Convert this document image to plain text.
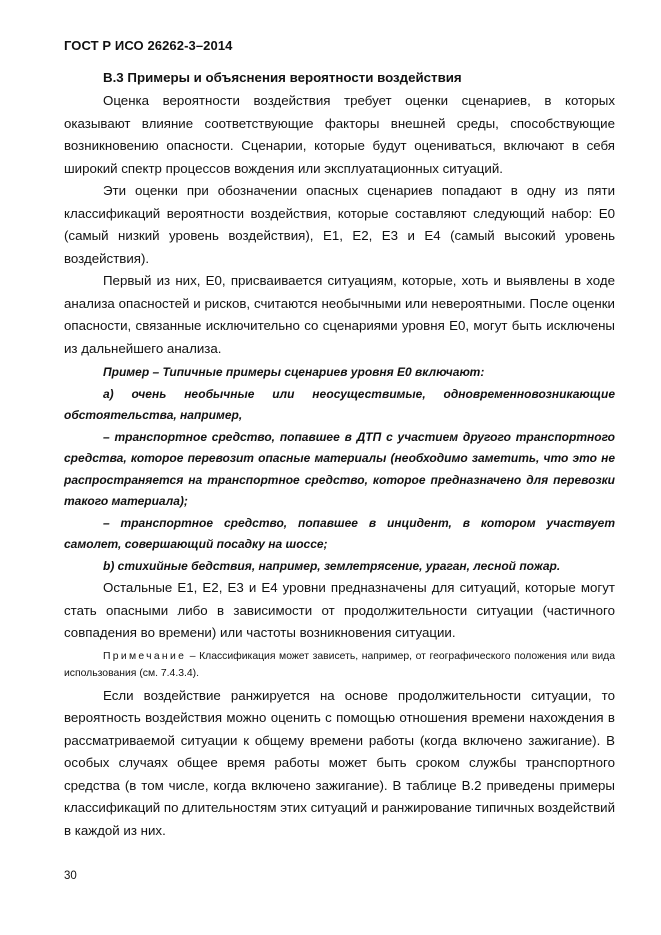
ГОСТ Р ИСО 26262-3–2014

B.3 Примеры и объяснения вероятности воздействия

Оценка вероятности воздействия требует оценки сценариев, в которых оказывают влияние соответствующие факторы внешней среды, способствующие возникновению опасности. Сценарии, которые будут оцениваться, включают в себя широкий спектр процессов вождения или эксплуатационных ситуаций.

Эти оценки при обозначении опасных сценариев попадают в одну из пяти классификаций вероятности воздействия, которые составляют следующий набор: E0 (самый низкий уровень воздействия), E1, E2, E3 и E4 (самый высокий уровень воздействия).

Первый из них, E0, присваивается ситуациям, которые, хоть и выявлены в ходе анализа опасностей и рисков, считаются необычными или невероятными. После оценки опасности, связанные исключительно со сценариями уровня E0, могут быть исключены из дальнейшего анализа.

Пример – Типичные примеры сценариев уровня E0 включают:

a) очень необычные или неосуществимые, одновременновозникающие обстоятельства, например,

– транспортное средство, попавшее в ДТП с участием другого транспортного средства, которое перевозит опасные материалы (необходимо заметить, что это не распространяется на транспортное средство, которое предназначено для перевозки такого материала);

– транспортное средство, попавшее в инцидент, в котором участвует самолет, совершающий посадку на шоссе;

b) стихийные бедствия, например, землетрясение, ураган, лесной пожар.

Остальные E1, E2, E3 и E4 уровни предназначены для ситуаций, которые могут стать опасными либо в зависимости от продолжительности ситуации (частичного совпадения во времени) или частоты возникновения ситуации.

Примечание – Классификация может зависеть, например, от географического положения или вида использования (см. 7.4.3.4).

Если воздействие ранжируется на основе продолжительности ситуации, то вероятность воздействия можно оценить с помощью отношения времени нахождения в рассматриваемой ситуации к общему времени работы (когда включено зажигание). В особых случаях общее время работы может быть сроком службы транспортного средства (в том числе, когда включено зажигание). В таблице B.2 приведены примеры классификаций по длительностям этих ситуаций и ранжирование типичных воздействий в каждой из них.

30
